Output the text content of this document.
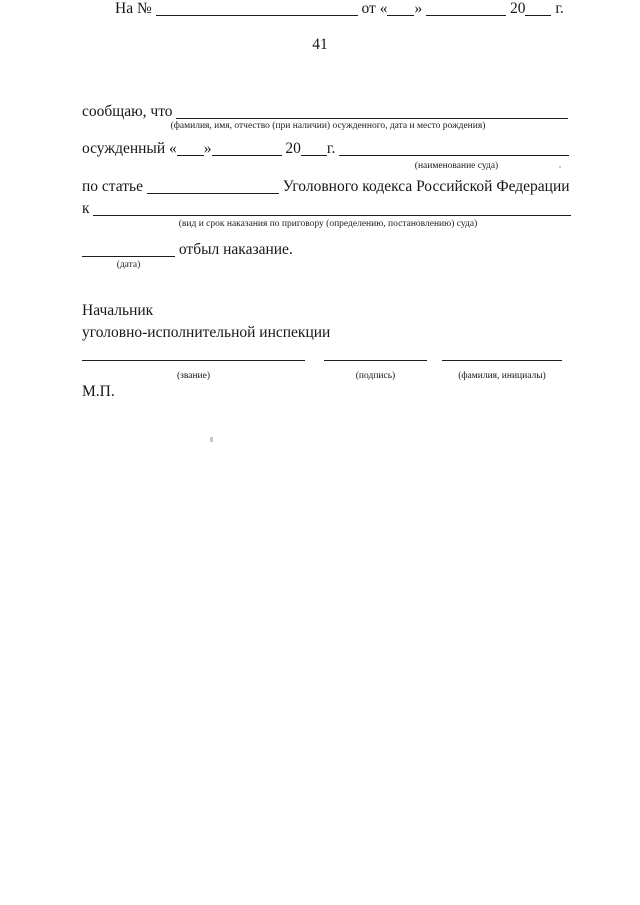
41
На №	от « »	20 г.
сообщаю, что
(фамилия, имя, отчество (при наличии) осужденного, дата и место рождения)
осужденный « »	20 г.
(наименование суда)
по статье	Уголовного кодекса Российской Федерации
к
(вид и срок наказания по приговору (определению, постановлению) суда)
отбыл наказание.
(дата)
Начальник
уголовно-исполнительной инспекции
(звание)	(подпись)	(фамилия, инициалы)
М.П.
